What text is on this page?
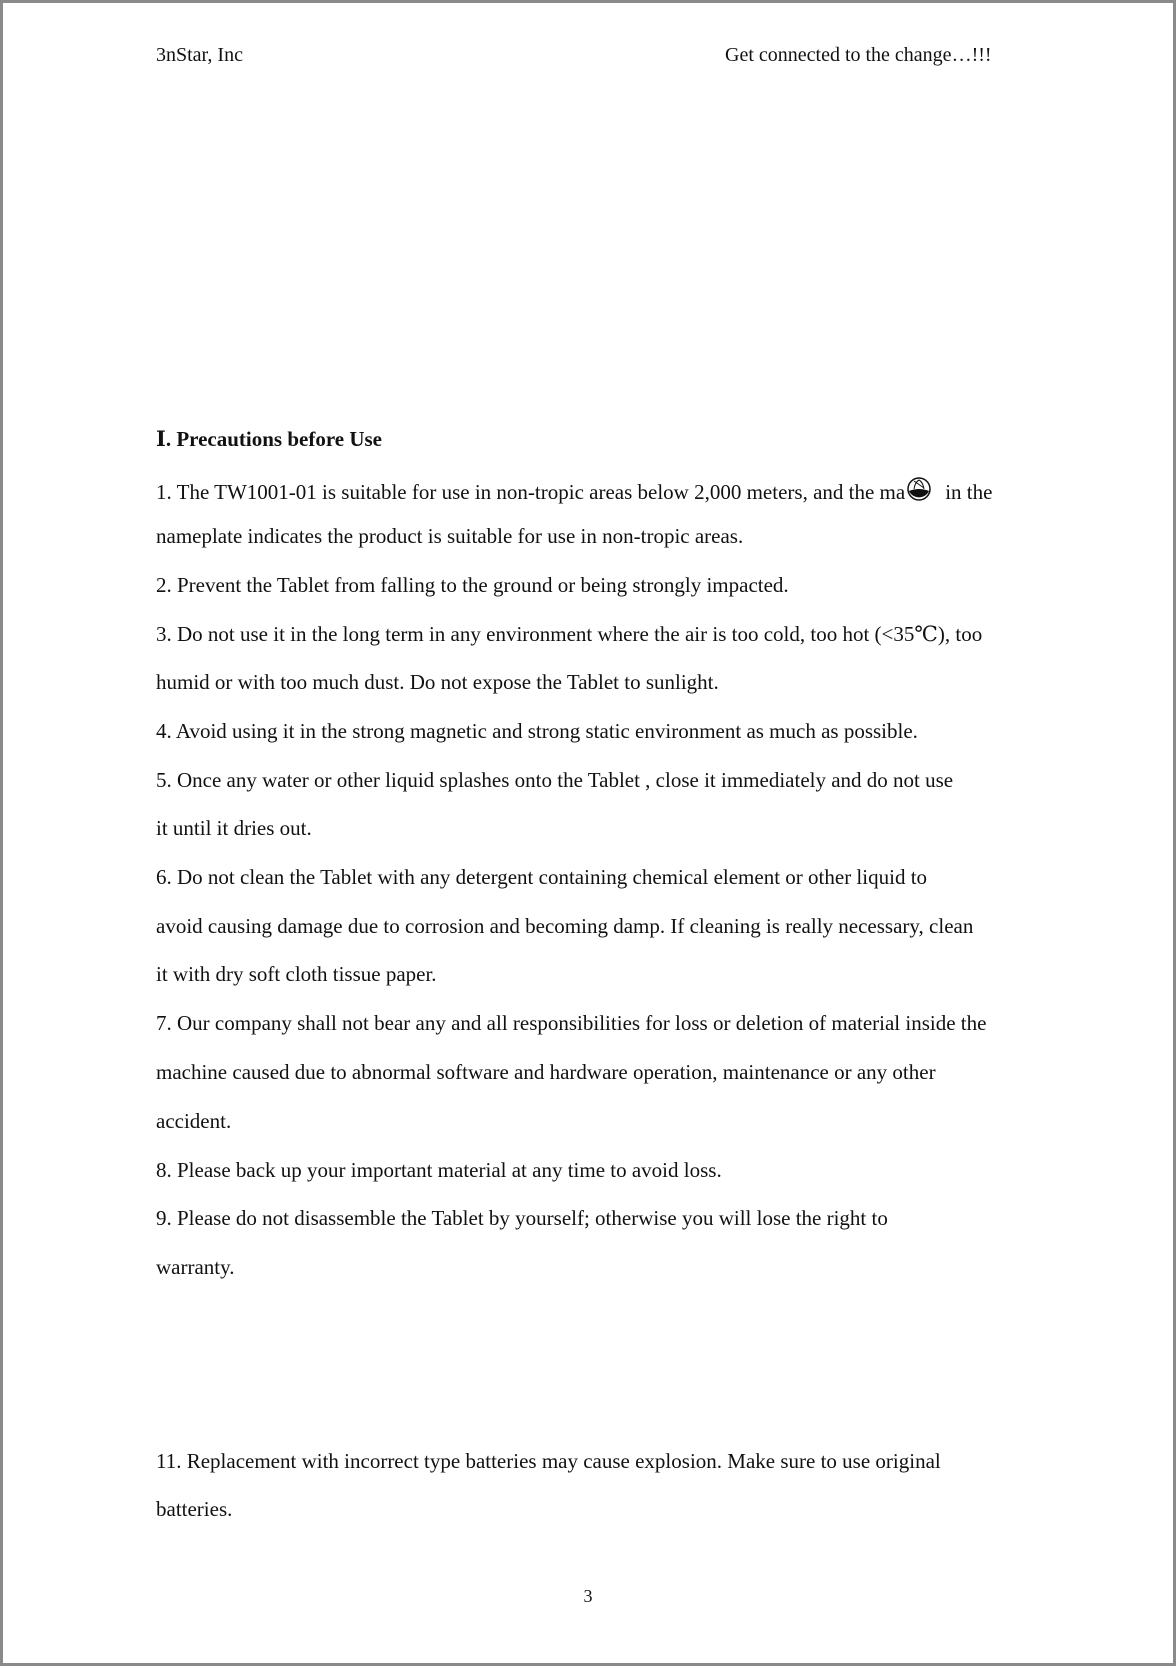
3nStar, Inc	Get connected to the change…!!!
Ⅰ. Precautions before Use

1. The TW1001-01 is suitable for use in non-tropic areas below 2,000 meters, and the ma in the

nameplate indicates the product is suitable for use in non-tropic areas.

2. Prevent the Tablet from falling to the ground or being strongly impacted.

3. Do not use it in the long term in any environment where the air is too cold, too hot (<35℃), too

humid or with too much dust. Do not expose the Tablet to sunlight.

4. Avoid using it in the strong magnetic and strong static environment as much as possible.

5. Once any water or other liquid splashes onto the Tablet , close it immediately and do not use

it until it dries out.

6. Do not clean the Tablet with any detergent containing chemical element or other liquid to

avoid causing damage due to corrosion and becoming damp. If cleaning is really necessary, clean

it with dry soft cloth tissue paper.

7. Our company shall not bear any and all responsibilities for loss or deletion of material inside the

machine caused due to abnormal software and hardware operation, maintenance or any other

accident.

8. Please back up your important material at any time to avoid loss.

9. Please do not disassemble the Tablet by yourself; otherwise you will lose the right to

warranty.

11. Replacement with incorrect type batteries may cause explosion. Make sure to use original

batteries.

3
